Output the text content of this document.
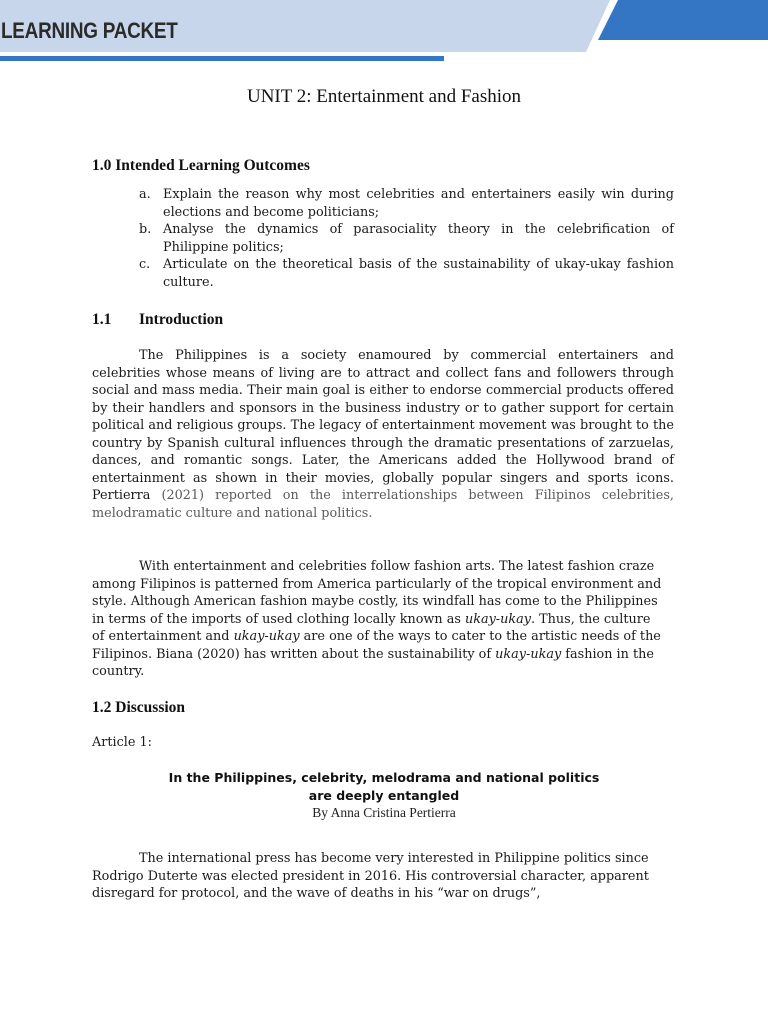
LEARNING PACKET
UNIT 2: Entertainment and Fashion
1.0 Intended Learning Outcomes
a. Explain the reason why most celebrities and entertainers easily win during elections and become politicians;
b. Analyse the dynamics of parasociality theory in the celebrification of Philippine politics;
c. Articulate on the theoretical basis of the sustainability of ukay-ukay fashion culture.
1.1 Introduction

The Philippines is a society enamoured by commercial entertainers and celebrities whose means of living are to attract and collect fans and followers through social and mass media. Their main goal is either to endorse commercial products offered by their handlers and sponsors in the business industry or to gather support for certain political and religious groups. The legacy of entertainment movement was brought to the country by Spanish cultural influences through the dramatic presentations of zarzuelas, dances, and romantic songs. Later, the Americans added the Hollywood brand of entertainment as shown in their movies, globally popular singers and sports icons. Pertierra (2021) reported on the interrelationships between Filipinos celebrities, melodramatic culture and national politics.

With entertainment and celebrities follow fashion arts. The latest fashion craze among Filipinos is patterned from America particularly of the tropical environment and style. Although American fashion maybe costly, its windfall has come to the Philippines in terms of the imports of used clothing locally known as ukay-ukay. Thus, the culture of entertainment and ukay-ukay are one of the ways to cater to the artistic needs of the Filipinos. Biana (2020) has written about the sustainability of ukay-ukay fashion in the country.

1.2 Discussion

Article 1:

In the Philippines, celebrity, melodrama and national politics
are deeply entangled

By Anna Cristina Pertierra

The international press has become very interested in Philippine politics since Rodrigo Duterte was elected president in 2016. His controversial character, apparent disregard for protocol, and the wave of deaths in his “war on drugs”,
